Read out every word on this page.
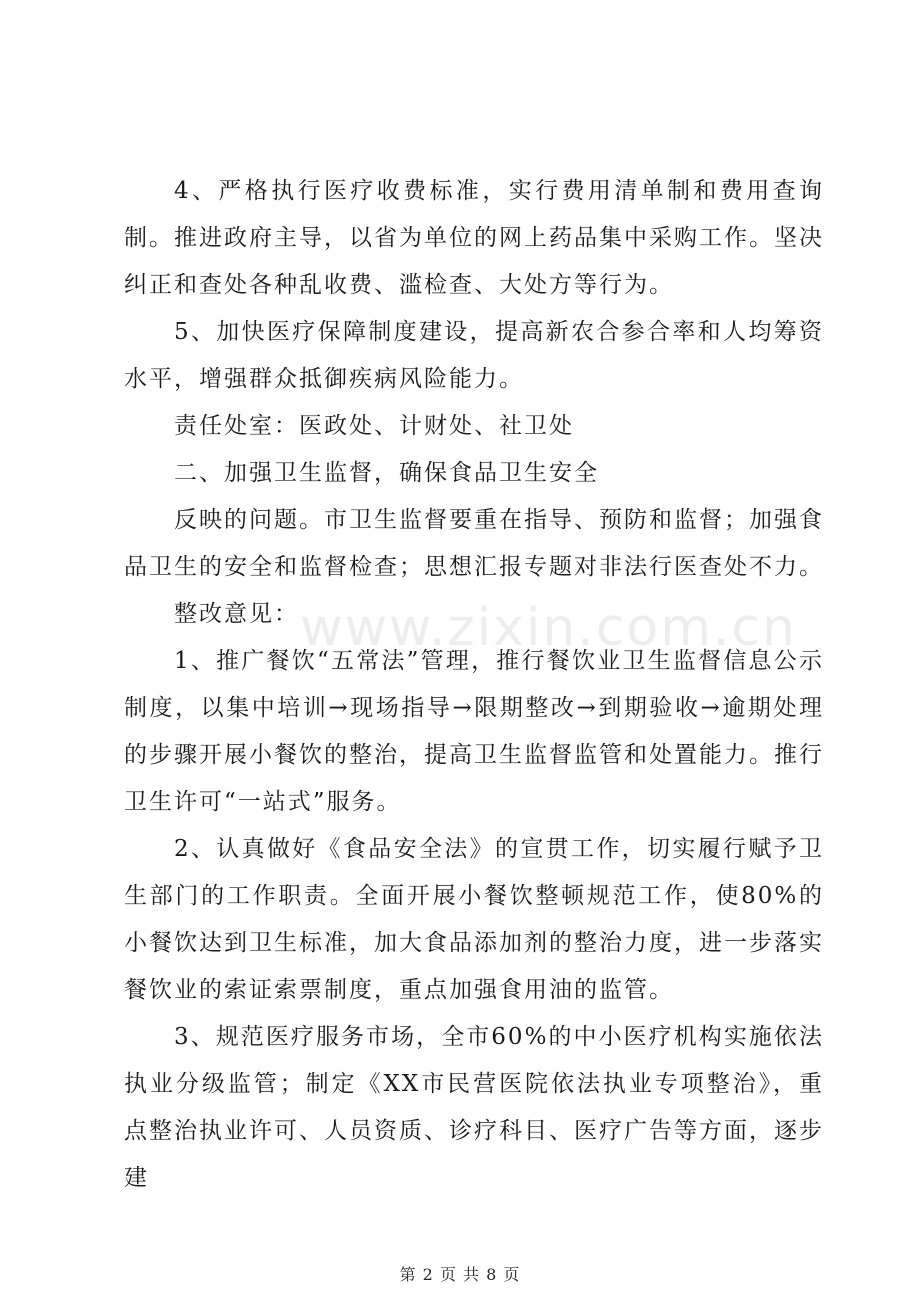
www.zixin.com.cn

4、严格执行医疗收费标准，实行费用清单制和费用查询制。推进政府主导，以省为单位的网上药品集中采购工作。坚决纠正和查处各种乱收费、滥检查、大处方等行为。

5、加快医疗保障制度建设，提高新农合参合率和人均筹资水平，增强群众抵御疾病风险能力。

责任处室：医政处、计财处、社卫处

二、加强卫生监督，确保食品卫生安全

反映的问题。市卫生监督要重在指导、预防和监督；加强食品卫生的安全和监督检查；思想汇报专题对非法行医查处不力。

整改意见：

1、推广餐饮“五常法”管理，推行餐饮业卫生监督信息公示制度，以集中培训→现场指导→限期整改→到期验收→逾期处理的步骤开展小餐饮的整治，提高卫生监督监管和处置能力。推行卫生许可“一站式”服务。

2、认真做好《食品安全法》的宣贯工作，切实履行赋予卫生部门的工作职责。全面开展小餐饮整顿规范工作，使80%的小餐饮达到卫生标准，加大食品添加剂的整治力度，进一步落实餐饮业的索证索票制度，重点加强食用油的监管。

3、规范医疗服务市场，全市60%的中小医疗机构实施依法执业分级监管；制定《XX市民营医院依法执业专项整治》，重点整治执业许可、人员资质、诊疗科目、医疗广告等方面，逐步建

第 2 页 共 8 页
